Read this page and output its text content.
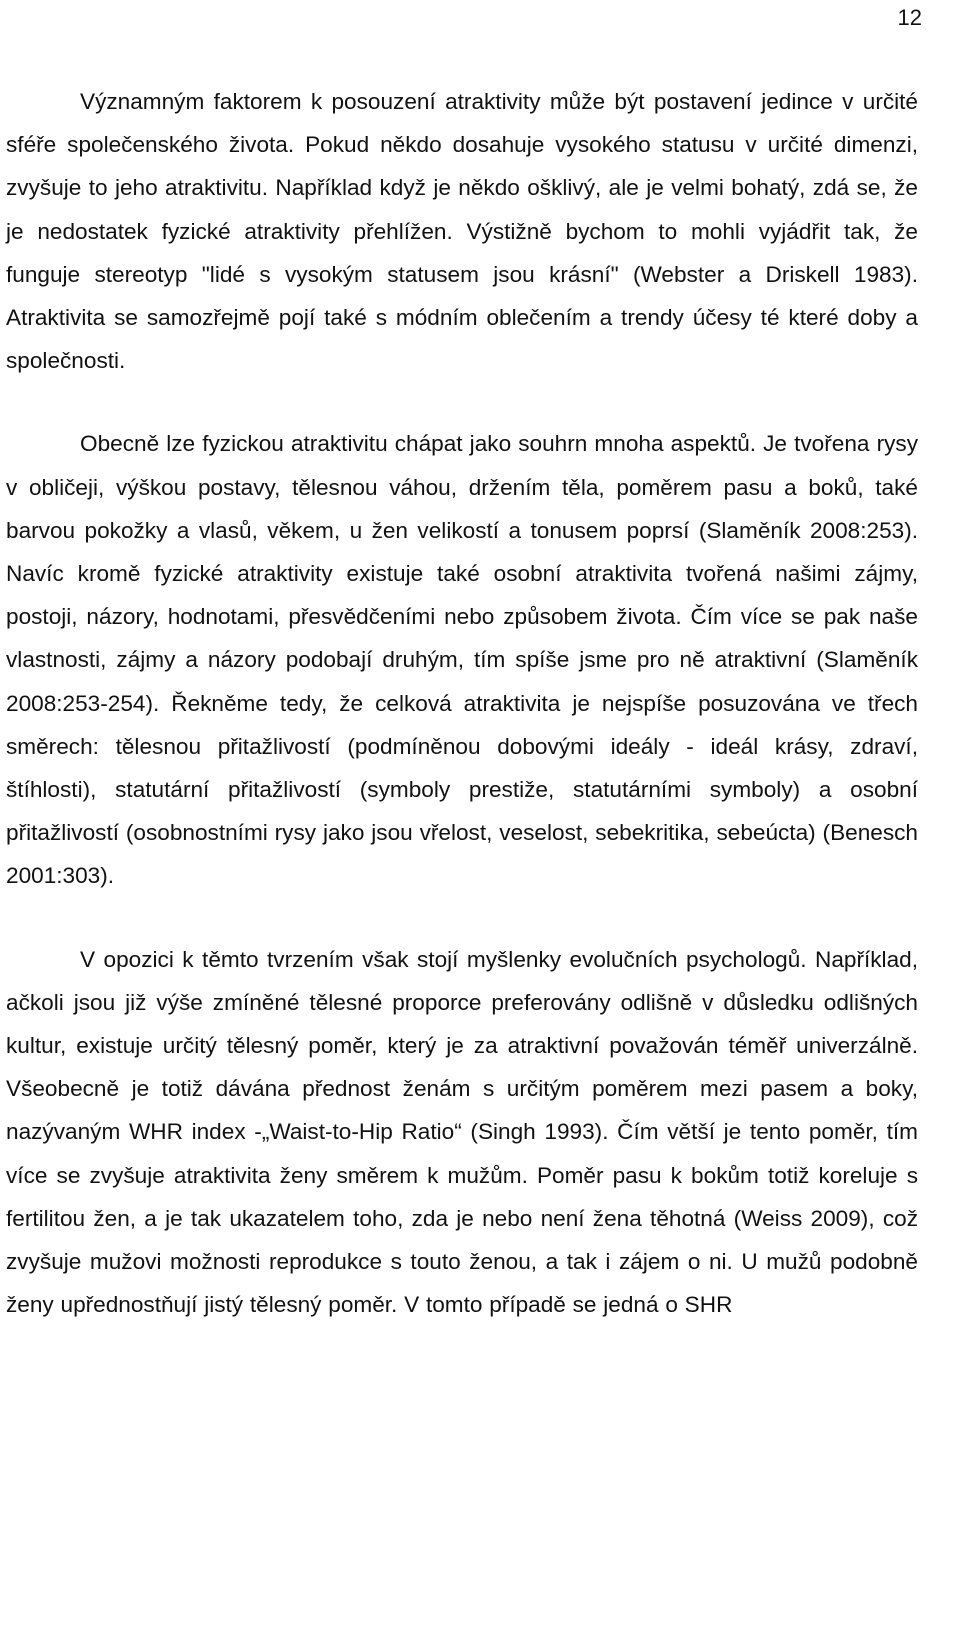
12

Významným faktorem k posouzení atraktivity může být postavení jedince v určité sféře společenského života. Pokud někdo dosahuje vysokého statusu v určité dimenzi, zvyšuje to jeho atraktivitu. Například když je někdo ošklivý, ale je velmi bohatý, zdá se, že je nedostatek fyzické atraktivity přehlížen. Výstižně bychom to mohli vyjádřit tak, že funguje stereotyp "lidé s vysokým statusem jsou krásní" (Webster a Driskell 1983). Atraktivita se samozřejmě pojí také s módním oblečením a trendy účesy té které doby a společnosti.

Obecně lze fyzickou atraktivitu chápat jako souhrn mnoha aspektů. Je tvořena rysy v obličeji, výškou postavy, tělesnou váhou, držením těla, poměrem pasu a boků, také barvou pokožky a vlasů, věkem, u žen velikostí a tonusem poprsí (Slaměník 2008:253). Navíc kromě fyzické atraktivity existuje také osobní atraktivita tvořená našimi zájmy, postoji, názory, hodnotami, přesvědčeními nebo způsobem života. Čím více se pak naše vlastnosti, zájmy a názory podobají druhým, tím spíše jsme pro ně atraktivní (Slaměník 2008:253-254). Řekněme tedy, že celková atraktivita je nejspíše posuzována ve třech směrech: tělesnou přitažlivostí (podmíněnou dobovými ideály - ideál krásy, zdraví, štíhlosti), statutární přitažlivostí (symboly prestiže, statutárními symboly) a osobní přitažlivostí (osobnostními rysy jako jsou vřelost, veselost, sebekritika, sebeúcta) (Benesch 2001:303).

V opozici k těmto tvrzením však stojí myšlenky evolučních psychologů. Například, ačkoli jsou již výše zmíněné tělesné proporce preferovány odlišně v důsledku odlišných kultur, existuje určitý tělesný poměr, který je za atraktivní považován téměř univerzálně. Všeobecně je totiž dávána přednost ženám s určitým poměrem mezi pasem a boky, nazývaným WHR index -„Waist-to-Hip Ratio“ (Singh 1993). Čím větší je tento poměr, tím více se zvyšuje atraktivita ženy směrem k mužům. Poměr pasu k bokům totiž koreluje s fertilitou žen, a je tak ukazatelem toho, zda je nebo není žena těhotná (Weiss 2009), což zvyšuje mužovi možnosti reprodukce s touto ženou, a tak i zájem o ni. U mužů podobně ženy upřednostňují jistý tělesný poměr. V tomto případě se jedná o SHR
